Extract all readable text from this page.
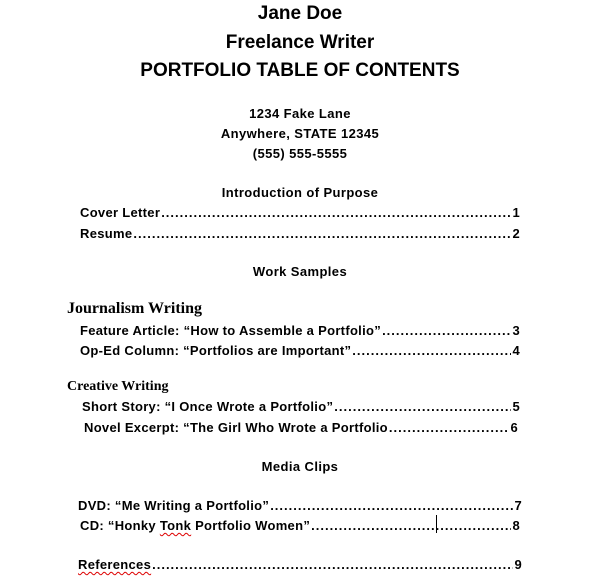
Jane Doe
Freelance Writer
PORTFOLIO TABLE OF CONTENTS
1234 Fake Lane
Anywhere, STATE 12345
(555) 555-5555
Introduction of Purpose
Cover Letter .....	1
Resume .....	2
Work Samples
Journalism Writing
Feature Article: “How to Assemble a Portfolio” .....	3
Op-Ed Column: “Portfolios are Important” .....	4
Creative Writing
Short Story: “I Once Wrote a Portfolio” .....	5
Novel Excerpt: “The Girl Who Wrote a Portfolio .....	6
Media Clips
DVD: “Me Writing a Portfolio” .....	7
CD: “Honky Tonk Portfolio Women” .....	8
References .....	9
